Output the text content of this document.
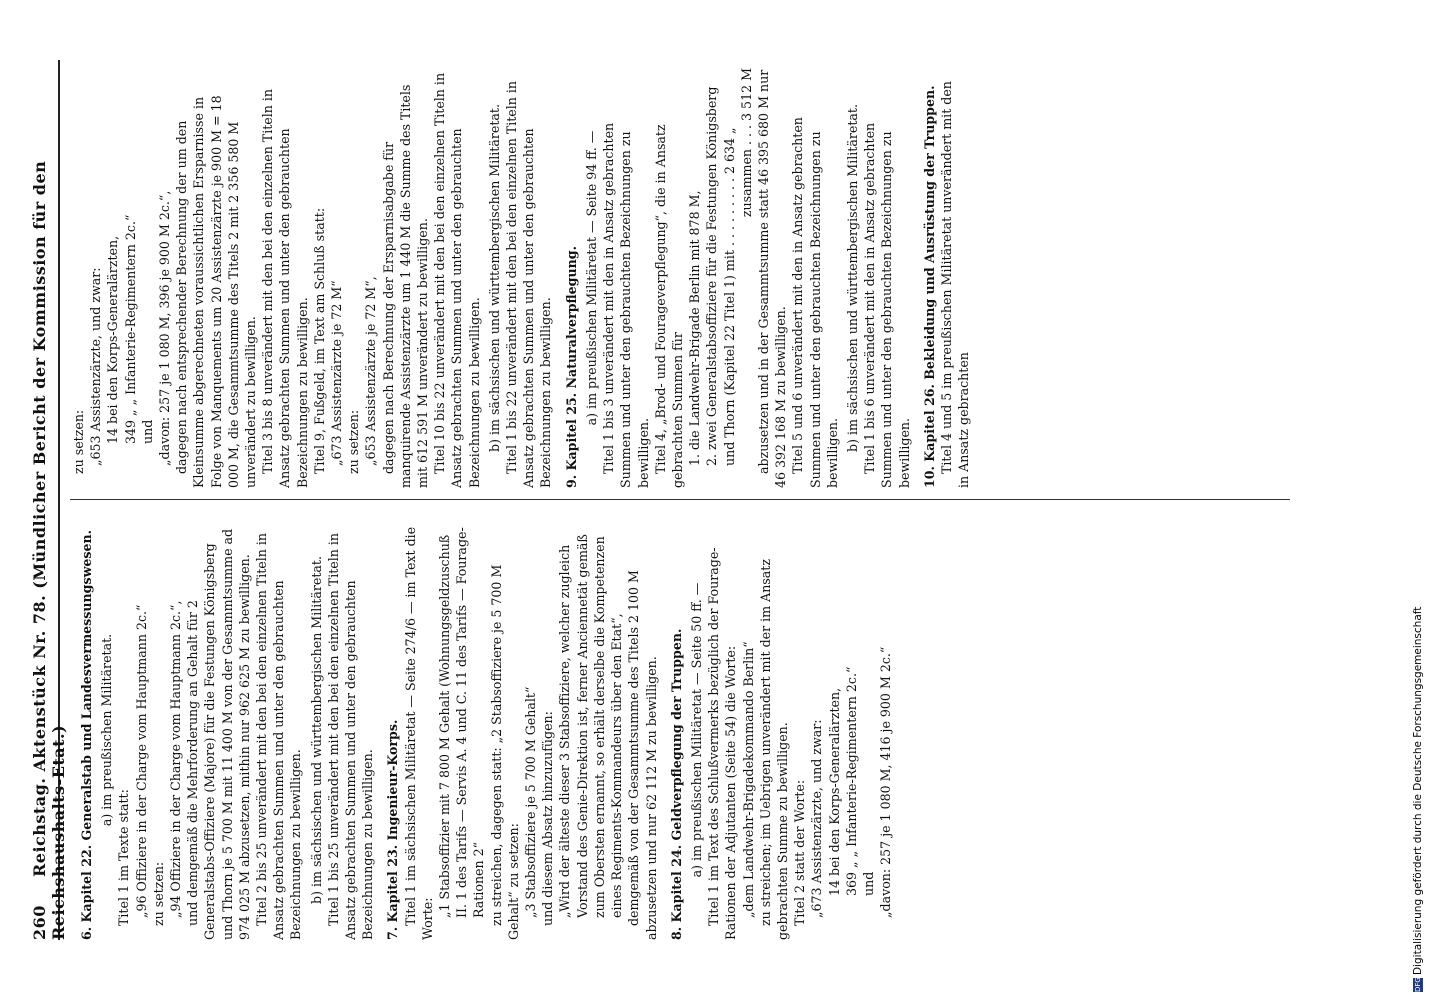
260 Reichstag. Aktenstück Nr. 78. (Mündlicher Bericht der Kommission für den Reichshaushalts-Etat.) 6. Kapitel 22. Generalstab und Landesvermessungswesen. a) im preußischen Militäretat.

Titel 1 im Texte statt: „96 Offiziere in der Charge vom Hauptmann 2c.“ zu setzen: „94 Offiziere in der Charge vom Hauptmann 2c.“, und demgemäß die Mehrforderung an Gehalt für 2 Generalstabs-Offiziere (Majore) für die Festungen Königsberg und Thorn je 5 700 M mit 11 400 M von der Gesammtsumme ad 974 025 M abzusetzen, mithin nur 962 625 M zu bewilligen. Titel 2 bis 25 unverändert mit den bei den einzelnen Titeln in Ansatz gebrachten Summen und unter den gebrauchten Bezeichnungen zu bewilligen. b) im sächsischen und württembergischen Militäretat. Titel 1 bis 25 unverändert mit den bei den einzelnen Titeln in Ansatz gebrachten Summen und unter den gebrauchten Bezeichnungen zu bewilligen. 7. Kapitel 23. Ingenieur-Korps. Titel 1 im sächsischen Militäretat — Seite 274/6 — im Text die Worte:

„1 Stabsoffizier mit 7 800 M Gehalt (Wohnungsgeldzuschuß II. 1 des Tarifs — Servis A. 4 und C. 11 des Tarifs — Fourage-Rationen 2“ zu streichen, dagegen statt: „2 Stabsoffiziere je 5 700 M Gehalt“ zu setzen: „3 Stabsoffiziere je 5 700 M Gehalt“ und diesem Absatz hinzuzufügen: „Wird der älteste dieser 3 Stabsoffiziere, welcher zugleich Vorstand des Genie-Direktion ist, ferner Anciennetät gemäß zum Obersten ernannt, so erhält derselbe die Kompetenzen eines Regiments-Kommandeurs über den Etat“, demgemäß von der Gesammtsumme des Titels 2 100 M abzusetzen und nur 62 112 M zu bewilligen. 8. Kapitel 24. Geldverpflegung der Truppen. a) im preußischen Militäretat — Seite 50 ff. — Titel 1 im Text des Schlußvermerks bezüglich der Fourage-Rationen der Adjutanten (Seite 54) die Worte: „dem Landwehr-Brigadekommando Berlin“ zu streichen; im Uebrigen unverändert mit der im Ansatz gebrachten Summe zu bewilligen. Titel 2 statt der Worte: „673 Assistenzärzte, und zwar: 14 bei den Korps-Generalärzten, 369 „ „ Infanterie-Regimentern 2c.“ und „davon: 257 je 1 080 M, 416 je 900 M 2c.“

zu setzen: „653 Assistenzärzte, und zwar: 14 bei den Korps-Generalärzten, 349 „ „ Infanterie-Regimentern 2c.“ und „davon: 257 je 1 080 M, 396 je 900 M 2c.“, dagegen nach entsprechender Berechnung der um den Kleinsumme abgerechneten voraussichtlichen Ersparnisse in Folge von Manquements um 20 Assistenzärzte je 900 M = 18 000 M, die Gesammtsumme des Titels 2 mit 2 356 580 M unverändert zu bewilligen. Titel 3 bis 8 unverändert mit den bei den einzelnen Titeln in Ansatz gebrachten Summen und unter den gebrauchten Bezeichnungen zu bewilligen. Titel 9, Fußgeld, im Text am Schluß statt: „673 Assistenzärzte je 72 M“ zu setzen: „653 Assistenzärzte je 72 M“, dagegen nach Berechnung der Ersparnisabgabe für manquirende Assistenzärzte um 1 440 M die Summe des Titels mit 612 591 M unverändert zu bewilligen. Titel 10 bis 22 unverändert mit den bei den einzelnen Titeln in Ansatz gebrachten Summen und unter den gebrauchten Bezeichnungen zu bewilligen. b) im sächsischen und württembergischen Militäretat. Titel 1 bis 22 unverändert mit den bei den einzelnen Titeln in Ansatz gebrachten Summen und unter den gebrauchten Bezeichnungen zu bewilligen. 9. Kapitel 25. Naturalverpflegung. a) im preußischen Militäretat — Seite 94 ff. — Titel 1 bis 3 unverändert mit den in Ansatz gebrachten Summen und unter den gebrauchten Bezeichnungen zu bewilligen. Titel 4, „Brod- und Fourageverpflegung“, die in Ansatz gebrachten Summen für 1. die Landwehr-Brigade Berlin mit 878 M, 2. zwei Generalstabsoffiziere für die Festungen Königsberg und Thorn (Kapitel 22 Titel 1) mit . . . . . . . . . 2 634 „ zusammen . . . 3 512 M abzusetzen und in der Gesammtsumme statt 46 395 680 M nur 46 392 168 M zu bewilligen. Titel 5 und 6 unverändert mit den in Ansatz gebrachten Summen und unter den gebrauchten Bezeichnungen zu bewilligen.

b) im sächsischen und württembergischen Militäretat. Titel 1 bis 6 unverändert mit den in Ansatz gebrachten Summen und unter den gebrauchten Bezeichnungen zu bewilligen. 10. Kapitel 26. Bekleidung und Ausrüstung der Truppen. Titel 4 und 5 im preußischen Militäretat unverändert mit den in Ansatz gebrachten

DFGDigitalisierung gefördert durch die Deutsche Forschungsgemeinschaft
